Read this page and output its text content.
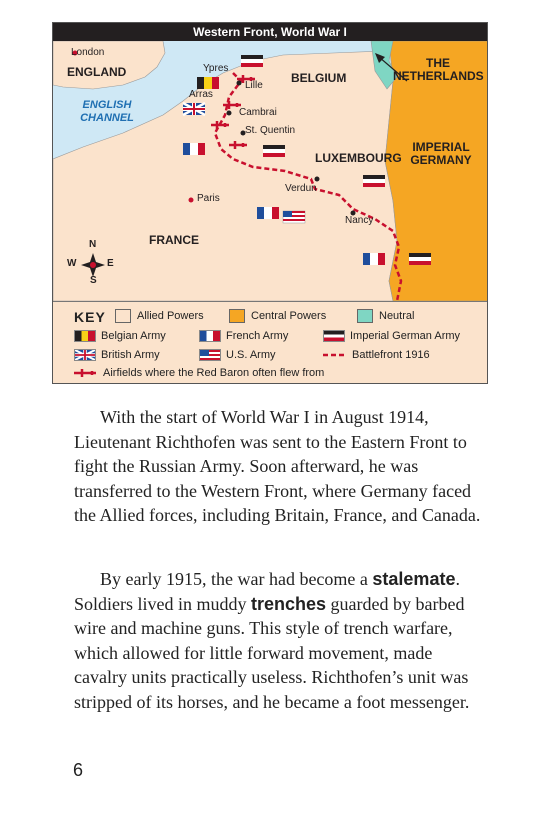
Western Front, World War I
London
ENGLAND
ENGLISH CHANNEL
Ypres
Lille
Arras
Cambrai
St. Quentin
BELGIUM
THE NETHERLANDS
IMPERIAL GERMANY
LUXEMBOURG
Verdun
Paris
Nancy
FRANCE
N
S
E
W
KEY	Allied Powers	Central Powers	Neutral
Belgian Army	French Army	Imperial German Army
British Army	U.S. Army	Battlefront 1916
Airfields where the Red Baron often flew from

With the start of World War I in August 1914, Lieutenant Richthofen was sent to the Eastern Front to fight the Russian Army. Soon afterward, he was transferred to the Western Front, where Germany faced the Allied forces, including Britain, France, and Canada.

By early 1915, the war had become a stalemate. Soldiers lived in muddy trenches guarded by barbed wire and machine guns. This style of trench warfare, which allowed for little forward movement, made cavalry units practically useless. Richthofen’s unit was stripped of its horses, and he became a foot messenger.

6
